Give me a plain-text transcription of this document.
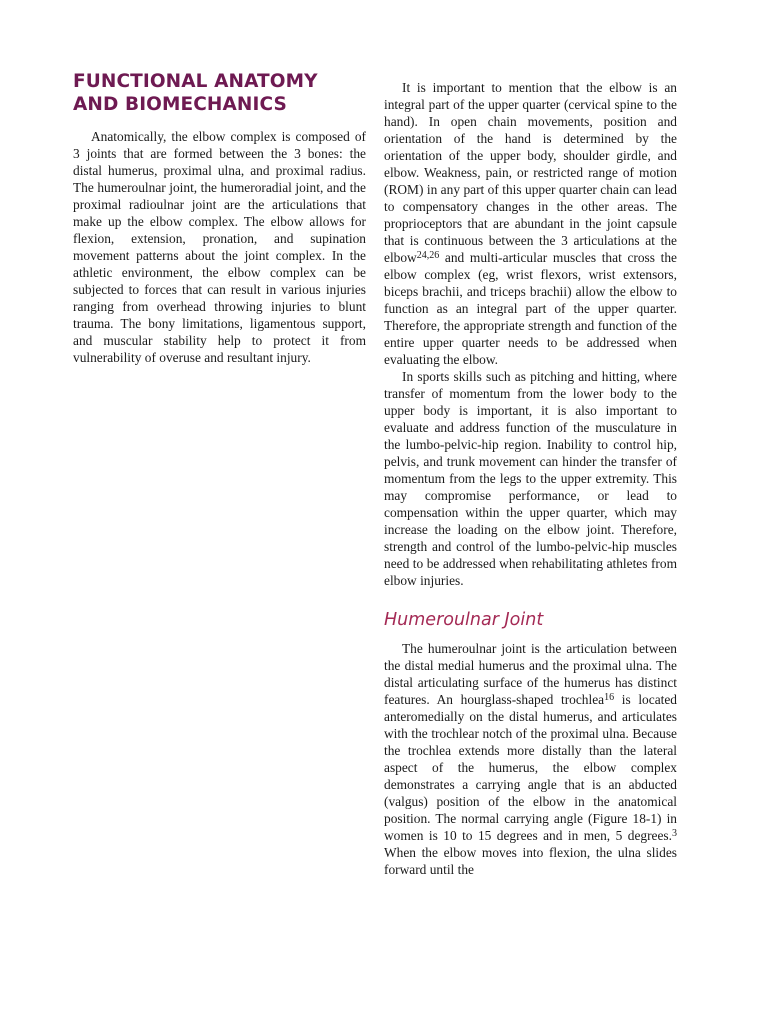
FUNCTIONAL ANATOMY AND BIOMECHANICS

Anatomically, the elbow complex is composed of 3 joints that are formed between the 3 bones: the distal humerus, proximal ulna, and proximal radius. The humeroulnar joint, the humeroradial joint, and the proximal radioulnar joint are the articulations that make up the elbow complex. The elbow allows for flexion, extension, pronation, and supination movement patterns about the joint complex. In the athletic environment, the elbow complex can be subjected to forces that can result in various injuries ranging from overhead throwing injuries to blunt trauma. The bony limitations, ligamentous support, and muscular stability help to protect it from vulnerability of overuse and resultant injury.

It is important to mention that the elbow is an integral part of the upper quarter (cervical spine to the hand). In open chain movements, position and orientation of the hand is determined by the orientation of the upper body, shoulder girdle, and elbow. Weakness, pain, or restricted range of motion (ROM) in any part of this upper quarter chain can lead to compensatory changes in the other areas. The proprioceptors that are abundant in the joint capsule that is continuous between the 3 articulations at the elbow$^{24,26}$ and multi-articular muscles that cross the elbow complex (eg, wrist flexors, wrist extensors, biceps brachii, and triceps brachii) allow the elbow to function as an integral part of the upper quarter. Therefore, the appropriate strength and function of the entire upper quarter needs to be addressed when evaluating the elbow.

In sports skills such as pitching and hitting, where transfer of momentum from the lower body to the upper body is important, it is also important to evaluate and address function of the musculature in the lumbo-pelvic-hip region. Inability to control hip, pelvis, and trunk movement can hinder the transfer of momentum from the legs to the upper extremity. This may compromise performance, or lead to compensation within the upper quarter, which may increase the loading on the elbow joint. Therefore, strength and control of the lumbo-pelvic-hip muscles need to be addressed when rehabilitating athletes from elbow injuries.

Humeroulnar Joint

The humeroulnar joint is the articulation between the distal medial humerus and the proximal ulna. The distal articulating surface of the humerus has distinct features. An hourglass-shaped trochlea$^{16}$ is located anteromedially on the distal humerus, and articulates with the trochlear notch of the proximal ulna. Because the trochlea extends more distally than the lateral aspect of the humerus, the elbow complex demonstrates a carrying angle that is an abducted (valgus) position of the elbow in the anatomical position. The normal carrying angle (Figure 18-1) in women is 10 to 15 degrees and in men, 5 degrees.$^3$ When the elbow moves into flexion, the ulna slides forward until the
